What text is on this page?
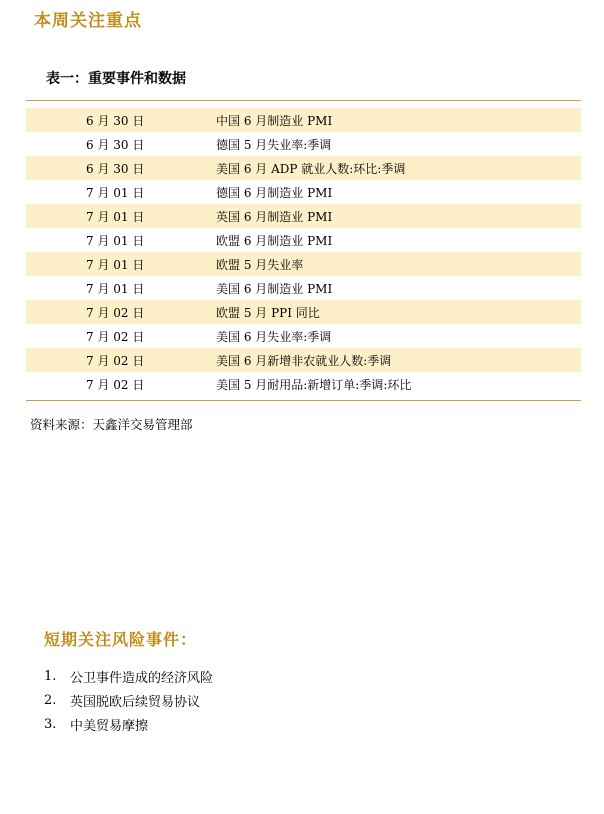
本周关注重点
表一：重要事件和数据
6 月 30 日	中国 6 月制造业 PMI
6 月 30 日	德国 5 月失业率:季调
6 月 30 日	美国 6 月 ADP 就业人数:环比:季调
7 月 01 日	德国 6 月制造业 PMI
7 月 01 日	英国 6 月制造业 PMI
7 月 01 日	欧盟 6 月制造业 PMI
7 月 01 日	欧盟 5 月失业率
7 月 01 日	美国 6 月制造业 PMI
7 月 02 日	欧盟 5 月 PPI 同比
7 月 02 日	美国 6 月失业率:季调
7 月 02 日	美国 6 月新增非农就业人数:季调
7 月 02 日	美国 5 月耐用品:新增订单:季调:环比
资料来源：天鑫洋交易管理部
短期关注风险事件：
1.	公卫事件造成的经济风险
2.	英国脱欧后续贸易协议
3.	中美贸易摩擦
